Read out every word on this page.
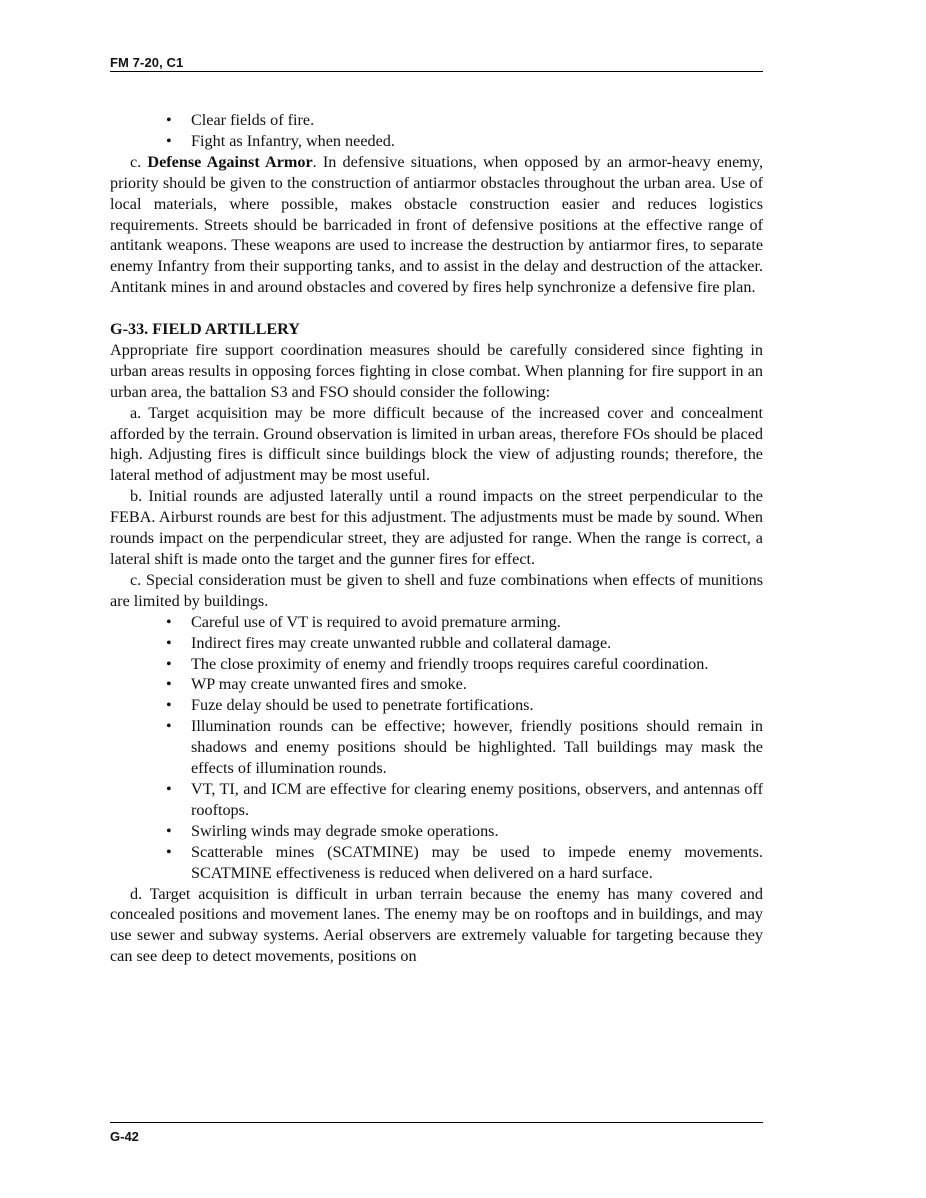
FM 7-20, C1
• Clear fields of fire.
• Fight as Infantry, when needed.

c. Defense Against Armor. In defensive situations, when opposed by an armor-heavy enemy, priority should be given to the construction of antiarmor obstacles throughout the urban area. Use of local materials, where possible, makes obstacle construction easier and reduces logistics requirements. Streets should be barricaded in front of defensive positions at the effective range of antitank weapons. These weapons are used to increase the destruction by antiarmor fires, to separate enemy Infantry from their supporting tanks, and to assist in the delay and destruction of the attacker. Antitank mines in and around obstacles and covered by fires help synchronize a defensive fire plan.

G-33. FIELD ARTILLERY

Appropriate fire support coordination measures should be carefully considered since fighting in urban areas results in opposing forces fighting in close combat. When planning for fire support in an urban area, the battalion S3 and FSO should consider the following:

a. Target acquisition may be more difficult because of the increased cover and concealment afforded by the terrain. Ground observation is limited in urban areas, therefore FOs should be placed high. Adjusting fires is difficult since buildings block the view of adjusting rounds; therefore, the lateral method of adjustment may be most useful.

b. Initial rounds are adjusted laterally until a round impacts on the street perpendicular to the FEBA. Airburst rounds are best for this adjustment. The adjustments must be made by sound. When rounds impact on the perpendicular street, they are adjusted for range. When the range is correct, a lateral shift is made onto the target and the gunner fires for effect.

c. Special consideration must be given to shell and fuze combinations when effects of munitions are limited by buildings.

• Careful use of VT is required to avoid premature arming.
• Indirect fires may create unwanted rubble and collateral damage.
• The close proximity of enemy and friendly troops requires careful coordination.
• WP may create unwanted fires and smoke.
• Fuze delay should be used to penetrate fortifications.
• Illumination rounds can be effective; however, friendly positions should remain in shadows and enemy positions should be highlighted. Tall buildings may mask the effects of illumination rounds.
• VT, TI, and ICM are effective for clearing enemy positions, observers, and antennas off rooftops.
• Swirling winds may degrade smoke operations.
• Scatterable mines (SCATMINE) may be used to impede enemy movements. SCATMINE effectiveness is reduced when delivered on a hard surface.

d. Target acquisition is difficult in urban terrain because the enemy has many covered and concealed positions and movement lanes. The enemy may be on rooftops and in buildings, and may use sewer and subway systems. Aerial observers are extremely valuable for targeting because they can see deep to detect movements, positions on

G-42
